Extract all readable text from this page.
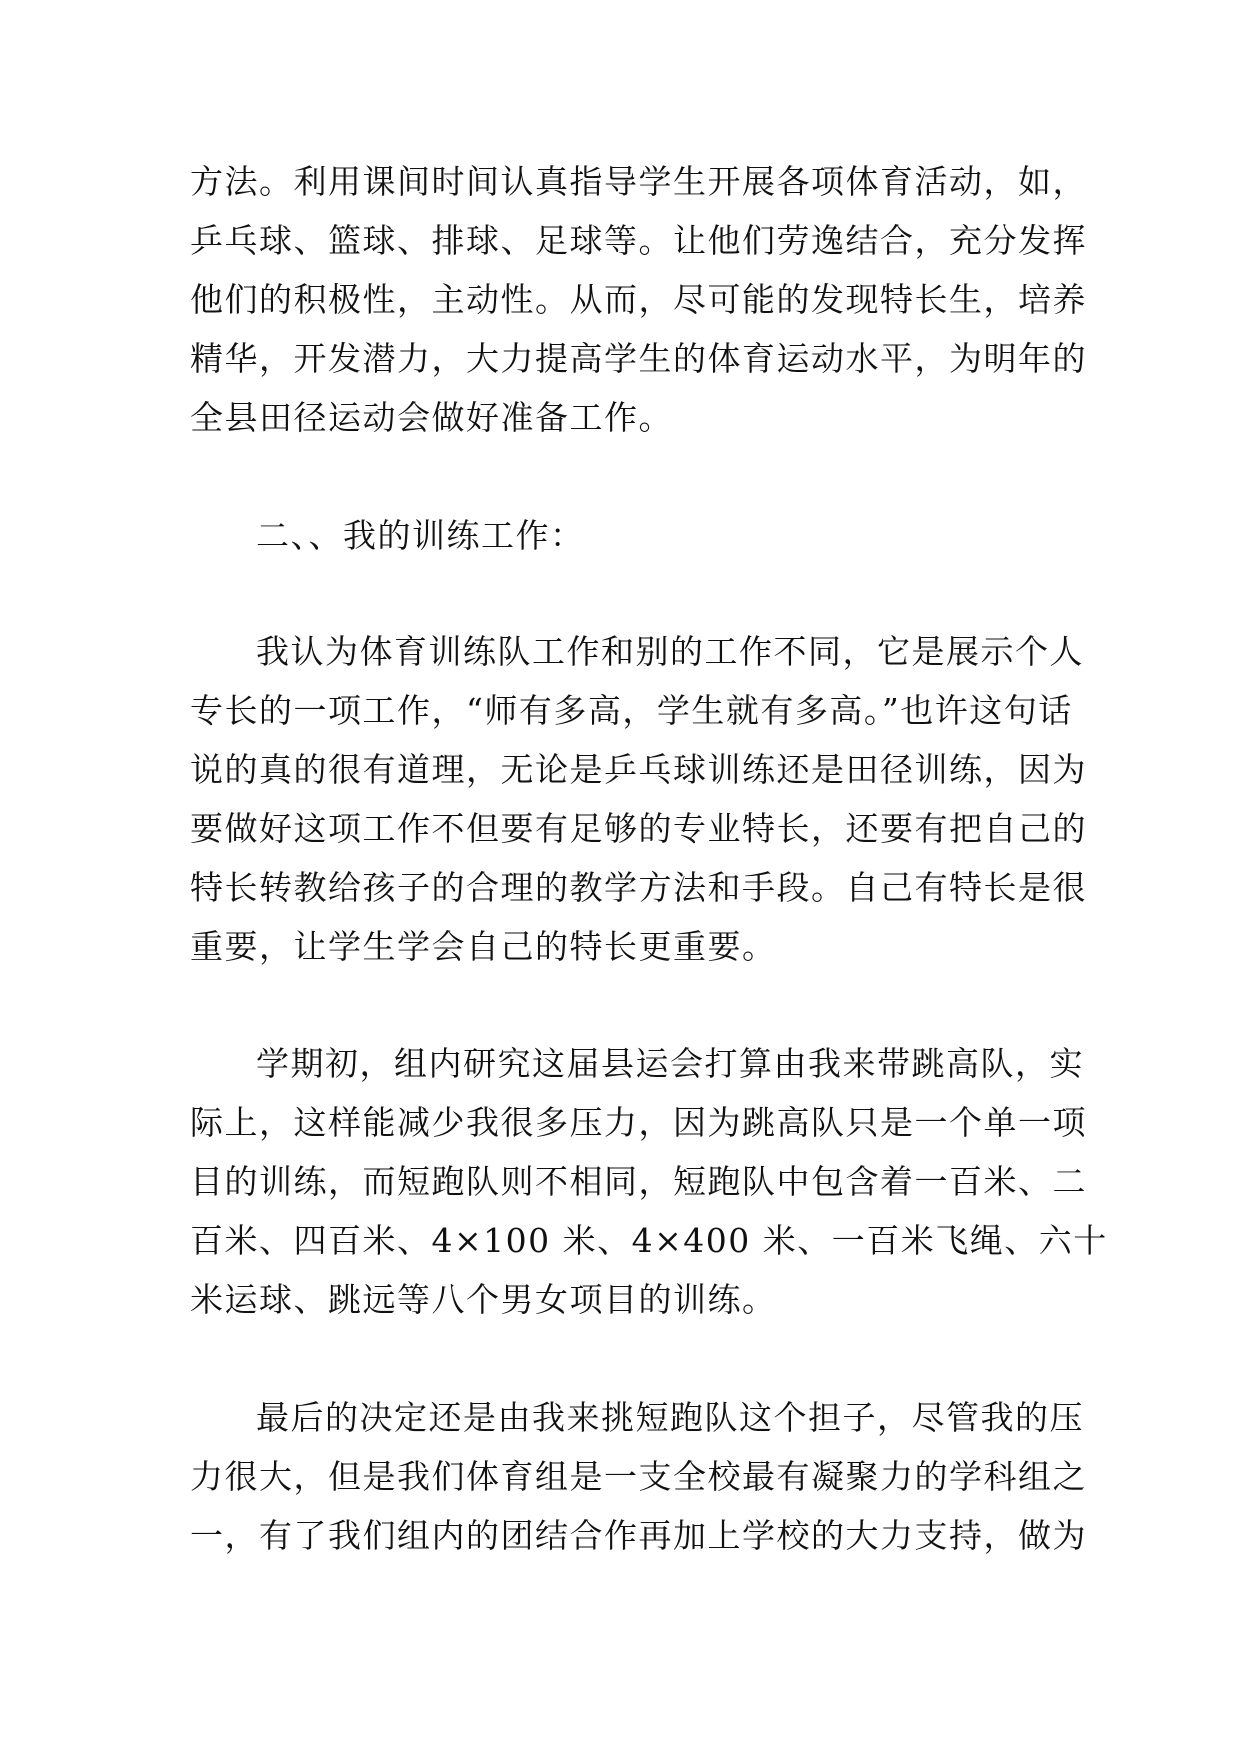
方法。利用课间时间认真指导学生开展各项体育活动，如，
乒乓球、篮球、排球、足球等。让他们劳逸结合，充分发挥
他们的积极性，主动性。从而，尽可能的发现特长生，培养
精华，开发潜力，大力提高学生的体育运动水平，为明年的
全县田径运动会做好准备工作。

二、、我的训练工作：

我认为体育训练队工作和别的工作不同，它是展示个人
专长的一项工作，“师有多高，学生就有多高。”也许这句话
说的真的很有道理，无论是乒乓球训练还是田径训练，因为
要做好这项工作不但要有足够的专业特长，还要有把自己的
特长转教给孩子的合理的教学方法和手段。自己有特长是很
重要，让学生学会自己的特长更重要。

学期初，组内研究这届县运会打算由我来带跳高队，实
际上，这样能减少我很多压力，因为跳高队只是一个单一项
目的训练，而短跑队则不相同，短跑队中包含着一百米、二
百米、四百米、4×100 米、4×400 米、一百米飞绳、六十
米运球、跳远等八个男女项目的训练。

最后的决定还是由我来挑短跑队这个担子，尽管我的压
力很大，但是我们体育组是一支全校最有凝聚力的学科组之
一，有了我们组内的团结合作再加上学校的大力支持，做为
